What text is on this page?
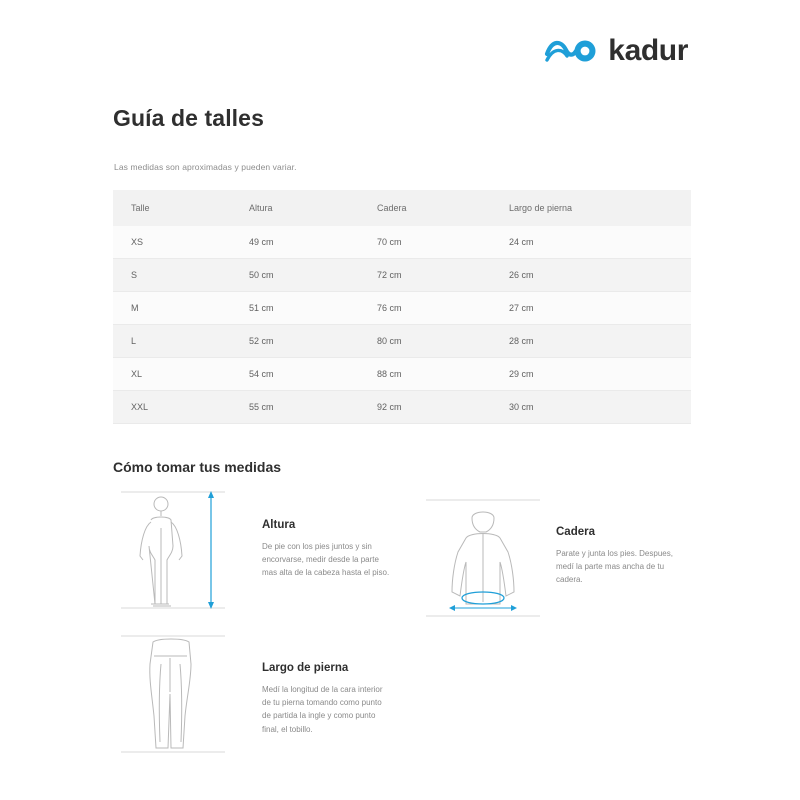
kadur
Guía de talles
Las medidas son aproximadas y pueden variar.
Talle	Altura	Cadera	Largo de pierna
XS	49 cm	70 cm	24 cm
S	50 cm	72 cm	26 cm
M	51 cm	76 cm	27 cm
L	52 cm	80 cm	28 cm
XL	54 cm	88 cm	29 cm
XXL	55 cm	92 cm	30 cm
Cómo tomar tus medidas
Altura
De pie con los pies juntos y sin encorvarse, medir desde la parte mas alta de la cabeza hasta el piso.
Cadera
Parate y junta los pies. Despues, medí la parte mas ancha de tu cadera.
Largo de pierna
Medí la longitud de la cara interior de tu pierna tomando como punto de partida la ingle y como punto final, el tobillo.
